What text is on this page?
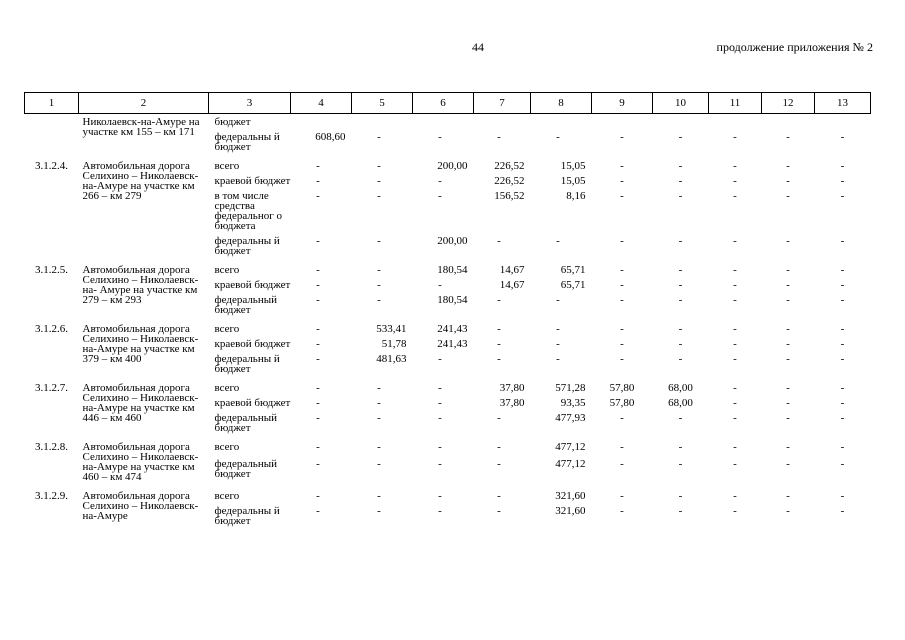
44	продолжение приложения № 2
1	2	3	4	5	6	7	8	9	10	11	12	13
	Николаевск-на-Амуре на участке км 155 – км 171	бюджет										
		федеральны й бюджет	608,60	-	-	-	-	-	-	-	-	-
3.1.2.4.	Автомобильная дорога Селихино – Николаевск-на-Амуре на участке км 266 – км 279	всего	-	-	200,00	226,52	15,05	-	-	-	-	-
		краевой бюджет	-	-	-	226,52	15,05	-	-	-	-	-
		в том числе средства федеральног о бюджета	-	-	-	156,52	8,16	-	-	-	-	-
		федеральны й бюджет	-	-	200,00	-	-	-	-	-	-	-
3.1.2.5.	Автомобильная дорога Селихино – Николаевск-на- Амуре на участке км 279 – км 293	всего	-	-	180,54	14,67	65,71	-	-	-	-	-
		краевой бюджет	-	-	-	14,67	65,71	-	-	-	-	-
		федеральный бюджет	-	-	180,54	-	-	-	-	-	-	-
3.1.2.6.	Автомобильная дорога Селихино – Николаевск-на-Амуре на участке км 379 – км 400	всего	-	533,41	241,43	-	-	-	-	-	-	-
		краевой бюджет	-	51,78	241,43	-	-	-	-	-	-	-
		федеральны й бюджет	-	481,63	-	-	-	-	-	-	-	-
3.1.2.7.	Автомобильная дорога Селихино – Николаевск-на-Амуре на участке км 446 – км 460	всего	-	-	-	37,80	571,28	57,80	68,00	-	-	-
		краевой бюджет	-	-	-	37,80	93,35	57,80	68,00	-	-	-
		федеральный бюджет	-	-	-	-	477,93	-	-	-	-	-
3.1.2.8.	Автомобильная дорога Селихино – Николаевск-на-Амуре на участке км 460 – км 474	всего	-	-	-	-	477,12	-	-	-	-	-
		федеральный бюджет	-	-	-	-	477,12	-	-	-	-	-
3.1.2.9.	Автомобильная дорога Селихино – Николаевск-на-Амуре	всего	-	-	-	-	321,60	-	-	-	-	-
		федеральны й бюджет	-	-	-	-	321,60	-	-	-	-	-
